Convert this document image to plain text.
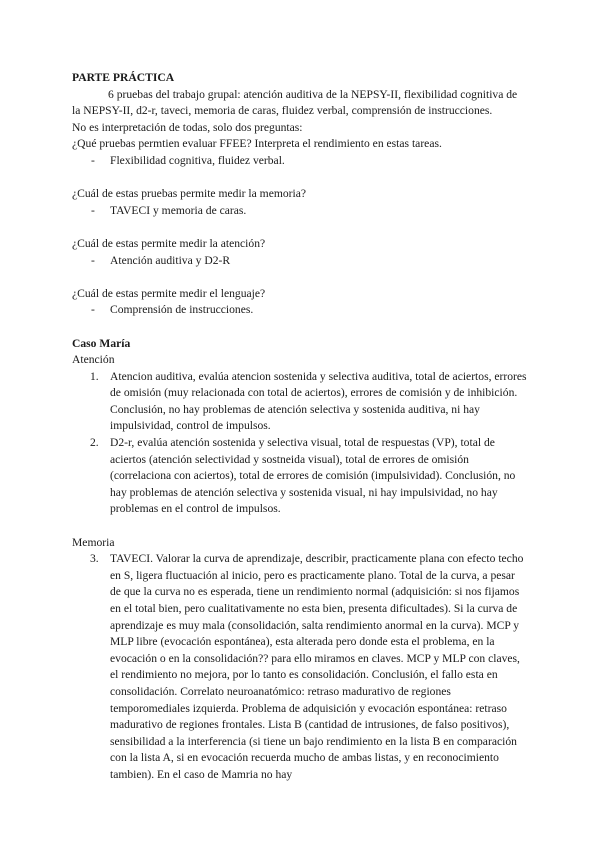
PARTE PRÁCTICA

6 pruebas del trabajo grupal: atención auditiva de la NEPSY-II, flexibilidad cognitiva de la NEPSY-II, d2-r, taveci, memoria de caras, fluidez verbal, comprensión de instrucciones.

No es interpretación de todas, solo dos preguntas:

¿Qué pruebas permtien evaluar FFEE? Interpreta el rendimiento en estas tareas.

- Flexibilidad cognitiva, fluidez verbal.

¿Cuál de estas pruebas permite medir la memoria?

- TAVECI y memoria de caras.

¿Cuál de estas permite medir la atención?

- Atención auditiva y D2-R

¿Cuál de estas permite medir el lenguaje?

- Comprensión de instrucciones.

Caso María

Atención

1. Atencion auditiva, evalúa atencion sostenida y selectiva auditiva, total de aciertos, errores de omisión (muy relacionada con total de aciertos), errores de comisión y de inhibición. Conclusión, no hay problemas de atención selectiva y sostenida auditiva, ni hay impulsividad, control de impulsos.
2. D2-r, evalúa atención sostenida y selectiva visual, total de respuestas (VP), total de aciertos (atención selectividad y sostneida visual), total de errores de omisión (correlaciona con aciertos), total de errores de comisión (impulsividad). Conclusión, no hay problemas de atención selectiva y sostenida visual, ni hay impulsividad, no hay problemas en el control de impulsos.

Memoria

3. TAVECI. Valorar la curva de aprendizaje, describir, practicamente plana con efecto techo en S, ligera fluctuación al inicio, pero es practicamente plano. Total de la curva, a pesar de que la curva no es esperada, tiene un rendimiento normal (adquisición: si nos fijamos en el total bien, pero cualitativamente no esta bien, presenta dificultades). Si la curva de aprendizaje es muy mala (consolidación, salta rendimiento anormal en la curva). MCP y MLP libre (evocación espontánea), esta alterada pero donde esta el problema, en la evocación o en la consolidación?? para ello miramos en claves. MCP y MLP con claves, el rendimiento no mejora, por lo tanto es consolidación. Conclusión, el fallo esta en consolidación. Correlato neuroanatómico: retraso madurativo de regiones temporomediales izquierda. Problema de adquisición y evocación espontánea: retraso madurativo de regiones frontales. Lista B (cantidad de intrusiones, de falso positivos), sensibilidad a la interferencia (si tiene un bajo rendimiento en la lista B en comparación con la lista A, si en evocación recuerda mucho de ambas listas, y en reconocimiento tambien). En el caso de Mamria no hay
